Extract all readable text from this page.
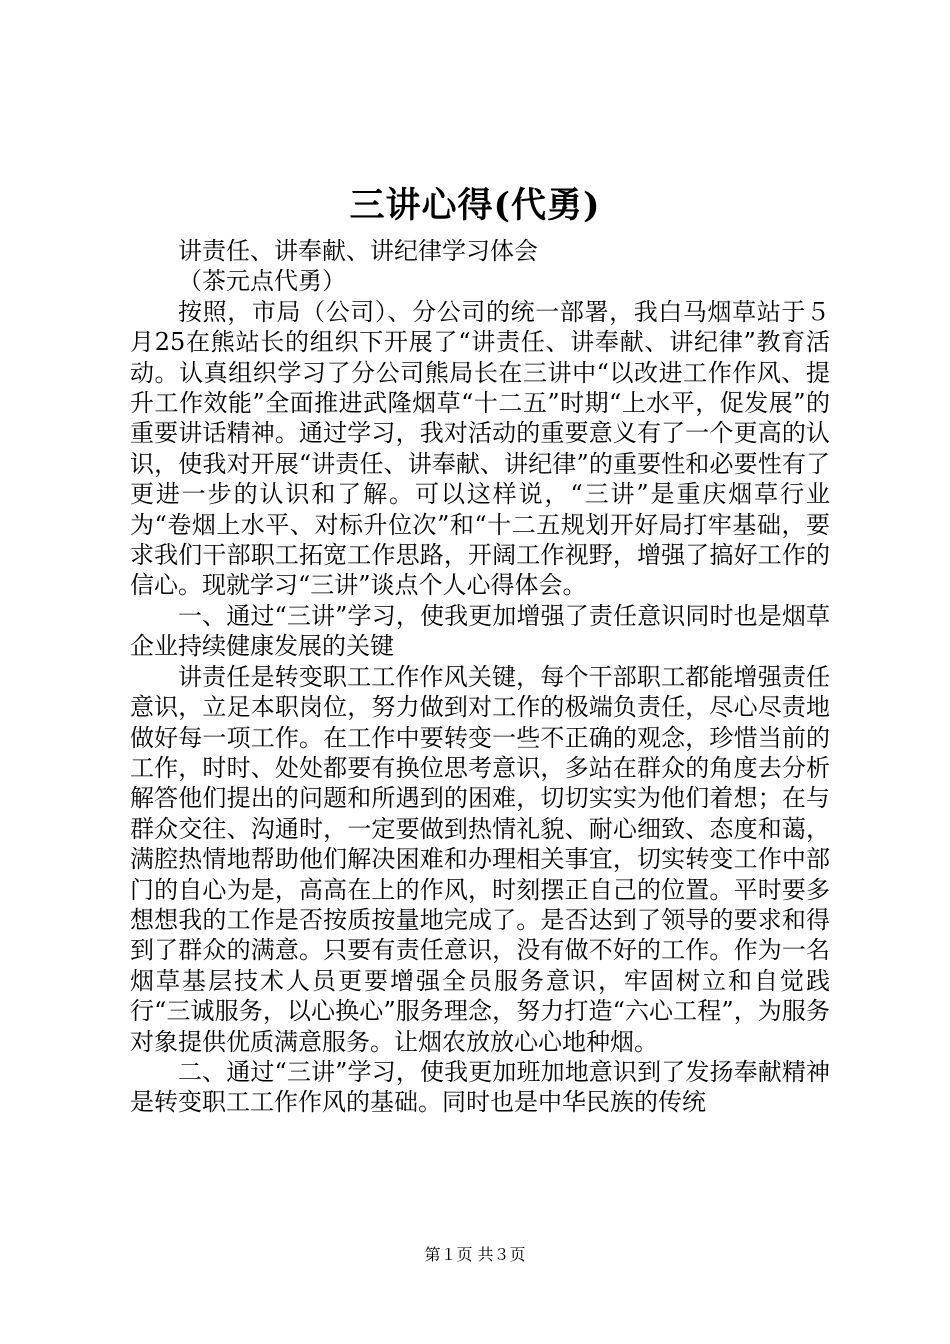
三讲心得(代勇)

讲责任、讲奉献、讲纪律学习体会

（茶元点代勇）

按照，市局（公司）、分公司的统一部署，我白马烟草站于５月25在熊站长的组织下开展了“讲责任、讲奉献、讲纪律”教育活动。认真组织学习了分公司熊局长在三讲中“以改进工作作风、提升工作效能”全面推进武隆烟草“十二五”时期“上水平，促发展”的重要讲话精神。通过学习，我对活动的重要意义有了一个更高的认识，使我对开展“讲责任、讲奉献、讲纪律”的重要性和必要性有了更进一步的认识和了解。可以这样说，“三讲”是重庆烟草行业为“卷烟上水平、对标升位次”和“十二五规划开好局打牢基础，要求我们干部职工拓宽工作思路，开阔工作视野，增强了搞好工作的信心。现就学习“三讲”谈点个人心得体会。

一、通过“三讲”学习，使我更加增强了责任意识同时也是烟草企业持续健康发展的关键

讲责任是转变职工工作作风关键，每个干部职工都能增强责任意识，立足本职岗位，努力做到对工作的极端负责任，尽心尽责地做好每一项工作。在工作中要转变一些不正确的观念，珍惜当前的工作，时时、处处都要有换位思考意识，多站在群众的角度去分析解答他们提出的问题和所遇到的困难，切切实实为他们着想；在与群众交往、沟通时，一定要做到热情礼貌、耐心细致、态度和蔼，满腔热情地帮助他们解决困难和办理相关事宜，切实转变工作中部门的自心为是，高高在上的作风，时刻摆正自己的位置。平时要多想想我的工作是否按质按量地完成了。是否达到了领导的要求和得到了群众的满意。只要有责任意识，没有做不好的工作。作为一名烟草基层技术人员更要增强全员服务意识，牢固树立和自觉践行“三诚服务，以心换心”服务理念，努力打造“六心工程”，为服务对象提供优质满意服务。让烟农放放心心地种烟。

二、通过“三讲”学习，使我更加班加地意识到了发扬奉献精神是转变职工工作作风的基础。同时也是中华民族的传统

第１页 共３页
